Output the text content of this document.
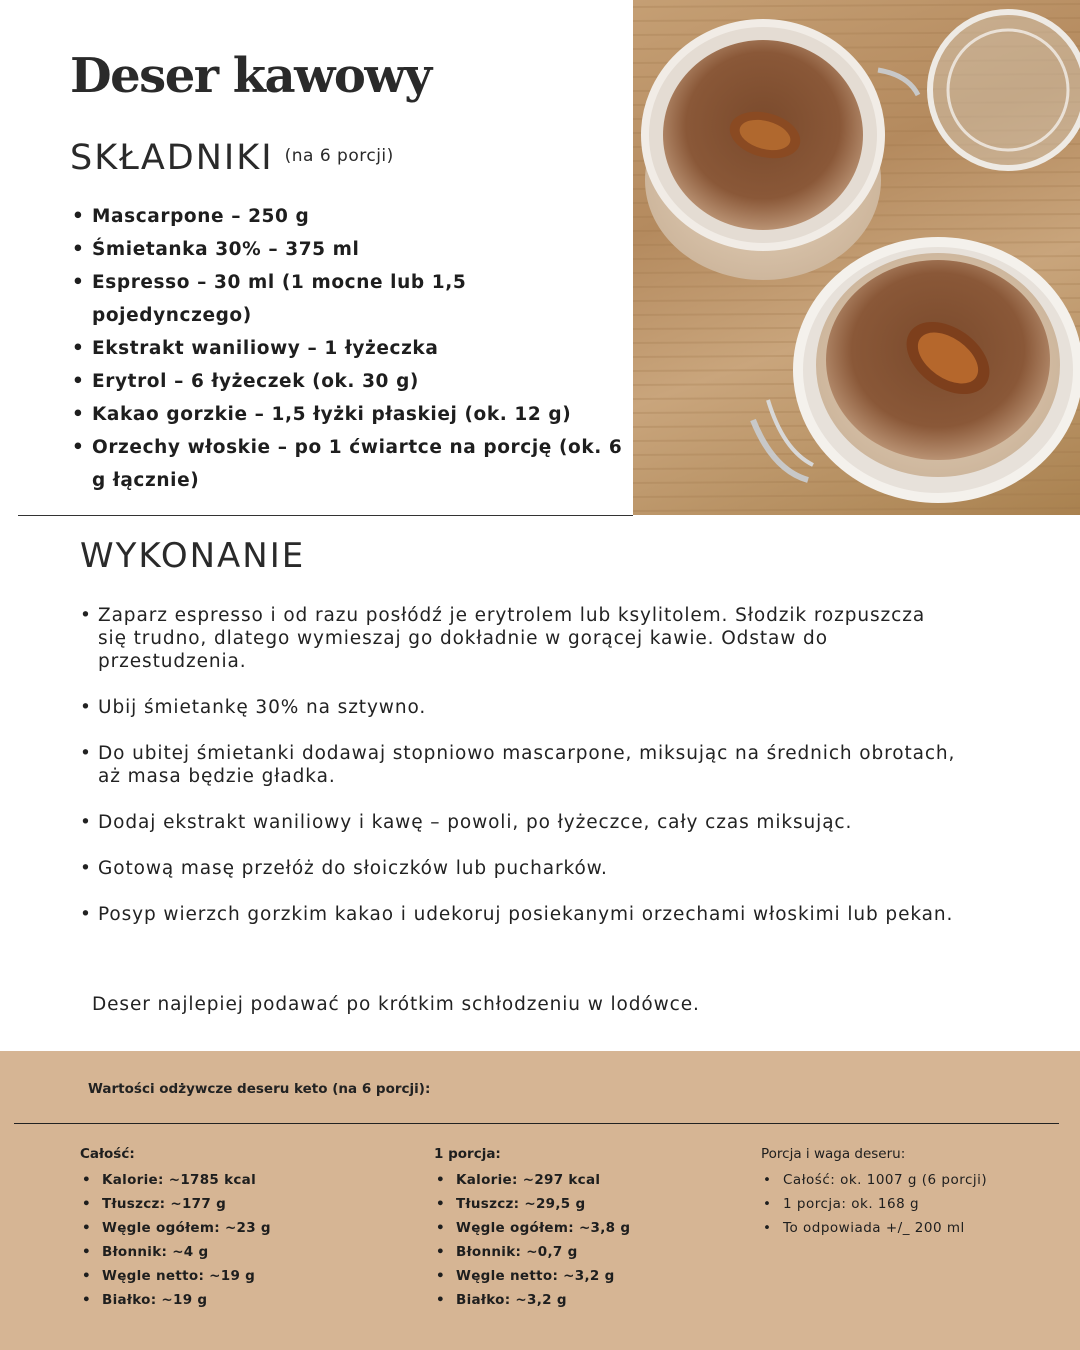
Deser kawowy
SKŁADNIKI (na 6 porcji)
• Mascarpone – 250 g
• Śmietanka 30% – 375 ml
• Espresso – 30 ml (1 mocne lub 1,5 pojedynczego)
• Ekstrakt waniliowy – 1 łyżeczka
• Erytrol – 6 łyżeczek (ok. 30 g)
• Kakao gorzkie – 1,5 łyżki płaskiej (ok. 12 g)
• Orzechy włoskie – po 1 ćwiartce na porcję (ok. 6 g łącznie)
WYKONANIE
• Zaparz espresso i od razu posłódź je erytrolem lub ksylitolem. Słodzik rozpuszcza się trudno, dlatego wymieszaj go dokładnie w gorącej kawie. Odstaw do przestudzenia.
• Ubij śmietankę 30% na sztywno.
• Do ubitej śmietanki dodawaj stopniowo mascarpone, miksując na średnich obrotach, aż masa będzie gładka.
• Dodaj ekstrakt waniliowy i kawę – powoli, po łyżeczce, cały czas miksując.
• Gotową masę przełóż do słoiczków lub pucharków.
• Posyp wierzch gorzkim kakao i udekoruj posiekanymi orzechami włoskimi lub pekan.
Deser najlepiej podawać po krótkim schłodzeniu w lodówce.
Wartości odżywcze deseru keto (na 6 porcji):
Całość:
• Kalorie: ~1785 kcal
• Tłuszcz: ~177 g
• Węgle ogółem: ~23 g
• Błonnik: ~4 g
• Węgle netto: ~19 g
• Białko: ~19 g
1 porcja:
• Kalorie: ~297 kcal
• Tłuszcz: ~29,5 g
• Węgle ogółem: ~3,8 g
• Błonnik: ~0,7 g
• Węgle netto: ~3,2 g
• Białko: ~3,2 g
Porcja i waga deseru:
• Całość: ok. 1007 g (6 porcji)
• 1 porcja: ok. 168 g
• To odpowiada +/_ 200 ml
